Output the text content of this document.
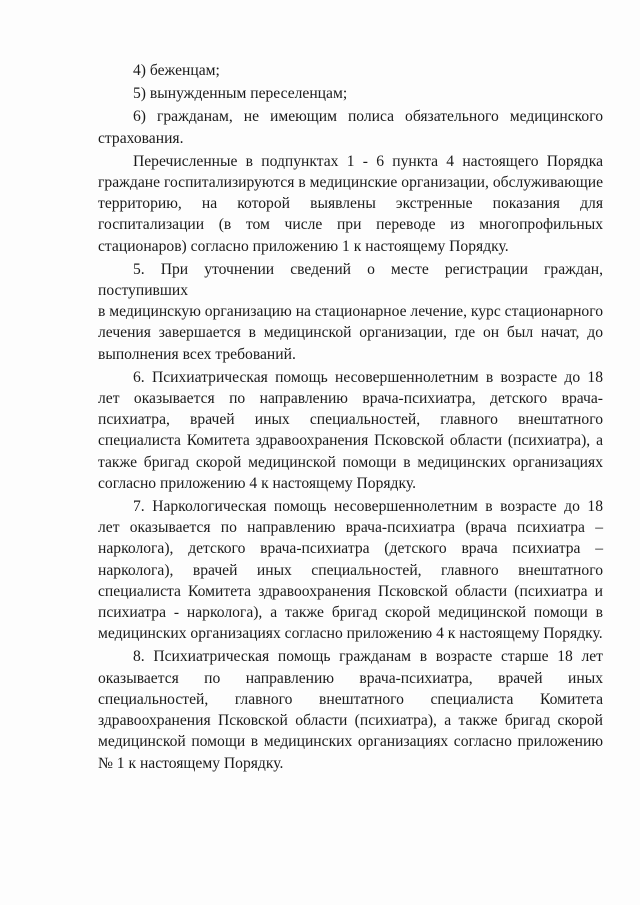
4) беженцам;

5) вынужденным переселенцам;

6) гражданам, не имеющим полиса обязательного медицинского страхования.

Перечисленные в подпунктах 1 - 6 пункта 4 настоящего Порядка граждане госпитализируются в медицинские организации, обслуживающие территорию, на которой выявлены экстренные показания для госпитализации (в том числе при переводе из многопрофильных стационаров) согласно приложению 1 к настоящему Порядку.

5. При уточнении сведений о месте регистрации граждан,

поступивших

в медицинскую организацию на стационарное лечение, курс стационарного лечения завершается в медицинской организации, где он был начат, до выполнения всех требований.

6. Психиатрическая помощь несовершеннолетним в возрасте до 18 лет оказывается по направлению врача-психиатра, детского врача-психиатра, врачей иных специальностей, главного внештатного специалиста Комитета здравоохранения Псковской области (психиатра), а также бригад скорой медицинской помощи в медицинских организациях согласно приложению 4 к настоящему Порядку.

7. Наркологическая помощь несовершеннолетним в возрасте до 18 лет оказывается по направлению врача-психиатра (врача психиатра – нарколога), детского врача-психиатра (детского врача психиатра – нарколога), врачей иных специальностей, главного внештатного специалиста Комитета здравоохранения Псковской области (психиатра и психиатра - нарколога), а также бригад скорой медицинской помощи в медицинских организациях согласно приложению 4 к настоящему Порядку.

8. Психиатрическая помощь гражданам в возрасте старше 18 лет оказывается по направлению врача-психиатра, врачей иных специальностей, главного внештатного специалиста Комитета здравоохранения Псковской области (психиатра), а также бригад скорой медицинской помощи в медицинских организациях согласно приложению № 1 к настоящему Порядку.
